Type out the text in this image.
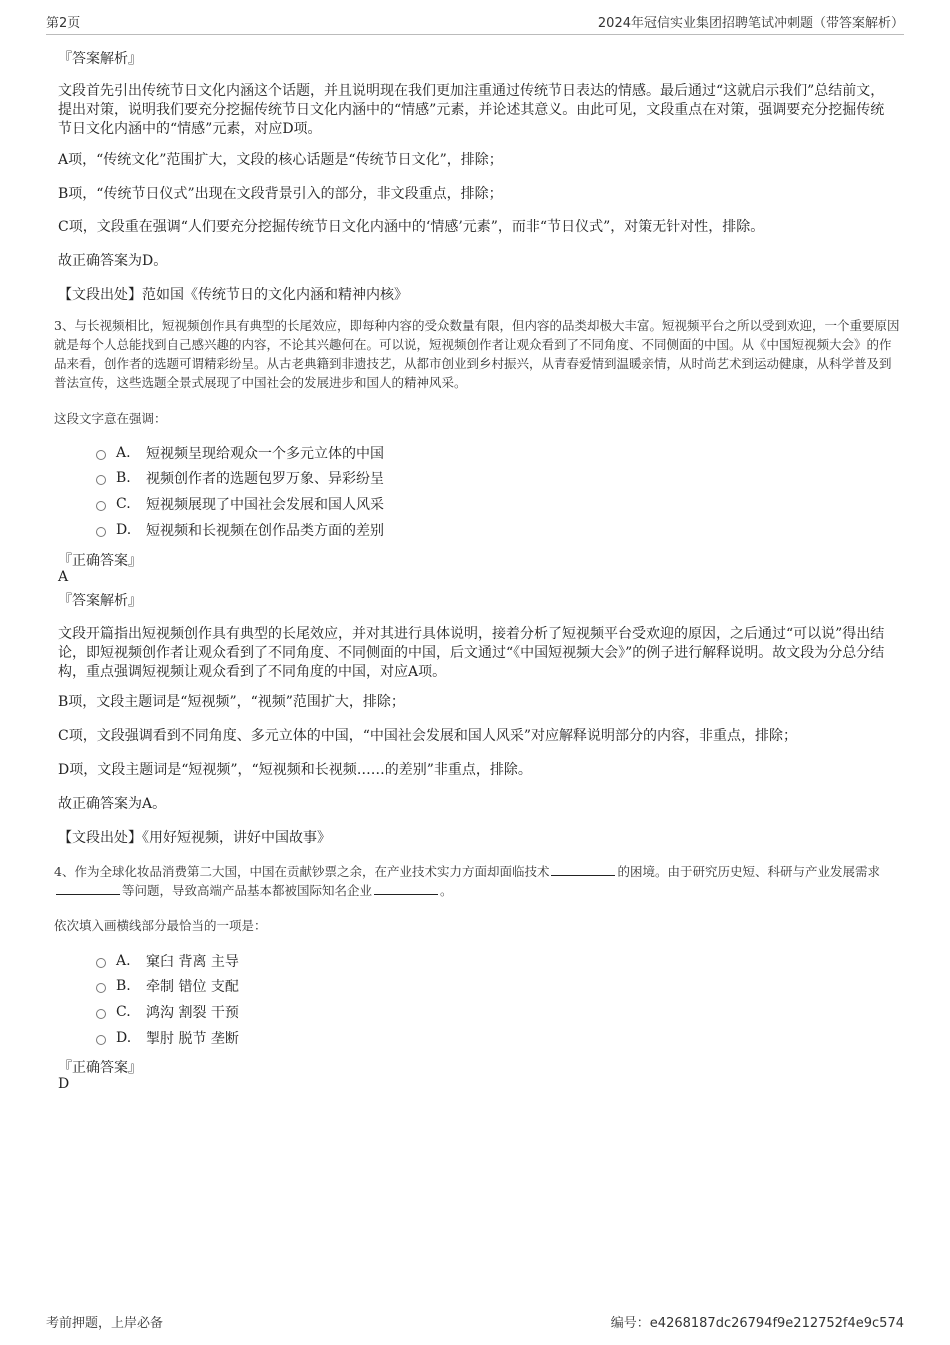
第2页	2024年冠信实业集团招聘笔试冲刺题（带答案解析）
『答案解析』
文段首先引出传统节日文化内涵这个话题，并且说明现在我们更加注重通过传统节日表达的情感。最后通过“这就启示我们”总结前文，提出对策，说明我们要充分挖掘传统节日文化内涵中的“情感”元素，并论述其意义。由此可见，文段重点在对策，强调要充分挖掘传统节日文化内涵中的“情感”元素，对应D项。
A项，“传统文化”范围扩大，文段的核心话题是“传统节日文化”，排除；
B项，“传统节日仪式”出现在文段背景引入的部分，非文段重点，排除；
C项，文段重在强调“人们要充分挖掘传统节日文化内涵中的‘情感’元素”，而非“节日仪式”，对策无针对性，排除。
故正确答案为D。
【文段出处】范如国《传统节日的文化内涵和精神内核》
3、与长视频相比，短视频创作具有典型的长尾效应，即每种内容的受众数量有限，但内容的品类却极大丰富。短视频平台之所以受到欢迎，一个重要原因就是每个人总能找到自己感兴趣的内容，不论其兴趣何在。可以说，短视频创作者让观众看到了不同角度、不同侧面的中国。从《中国短视频大会》的作品来看，创作者的选题可谓精彩纷呈。从古老典籍到非遗技艺，从都市创业到乡村振兴，从青春爱情到温暖亲情，从时尚艺术到运动健康，从科学普及到普法宣传，这些选题全景式展现了中国社会的发展进步和国人的精神风采。
这段文字意在强调：
A.	短视频呈现给观众一个多元立体的中国
B.	视频创作者的选题包罗万象、异彩纷呈
C.	短视频展现了中国社会发展和国人风采
D.	短视频和长视频在创作品类方面的差别
『正确答案』
A
『答案解析』
文段开篇指出短视频创作具有典型的长尾效应，并对其进行具体说明，接着分析了短视频平台受欢迎的原因，之后通过“可以说”得出结论，即短视频创作者让观众看到了不同角度、不同侧面的中国，后文通过“《中国短视频大会》”的例子进行解释说明。故文段为分总分结构，重点强调短视频让观众看到了不同角度的中国，对应A项。
B项，文段主题词是“短视频”，“视频”范围扩大，排除；
C项，文段强调看到不同角度、多元立体的中国，“中国社会发展和国人风采”对应解释说明部分的内容，非重点，排除；
D项，文段主题词是“短视频”，“短视频和长视频……的差别”非重点，排除。
故正确答案为A。
【文段出处】《用好短视频，讲好中国故事》
4、作为全球化妆品消费第二大国，中国在贡献钞票之余，在产业技术实力方面却面临技术	的困境。由于研究历史短、科研与产业发展需求等问题，导致高端产品基本都被国际知名企业	。
依次填入画横线部分最恰当的一项是：
A.	窠臼 背离 主导
B.	牵制 错位 支配
C.	鸿沟 割裂 干预
D.	掣肘 脱节 垄断
『正确答案』
D
考前押题，上岸必备	编号：e4268187dc26794f9e212752f4e9c574
